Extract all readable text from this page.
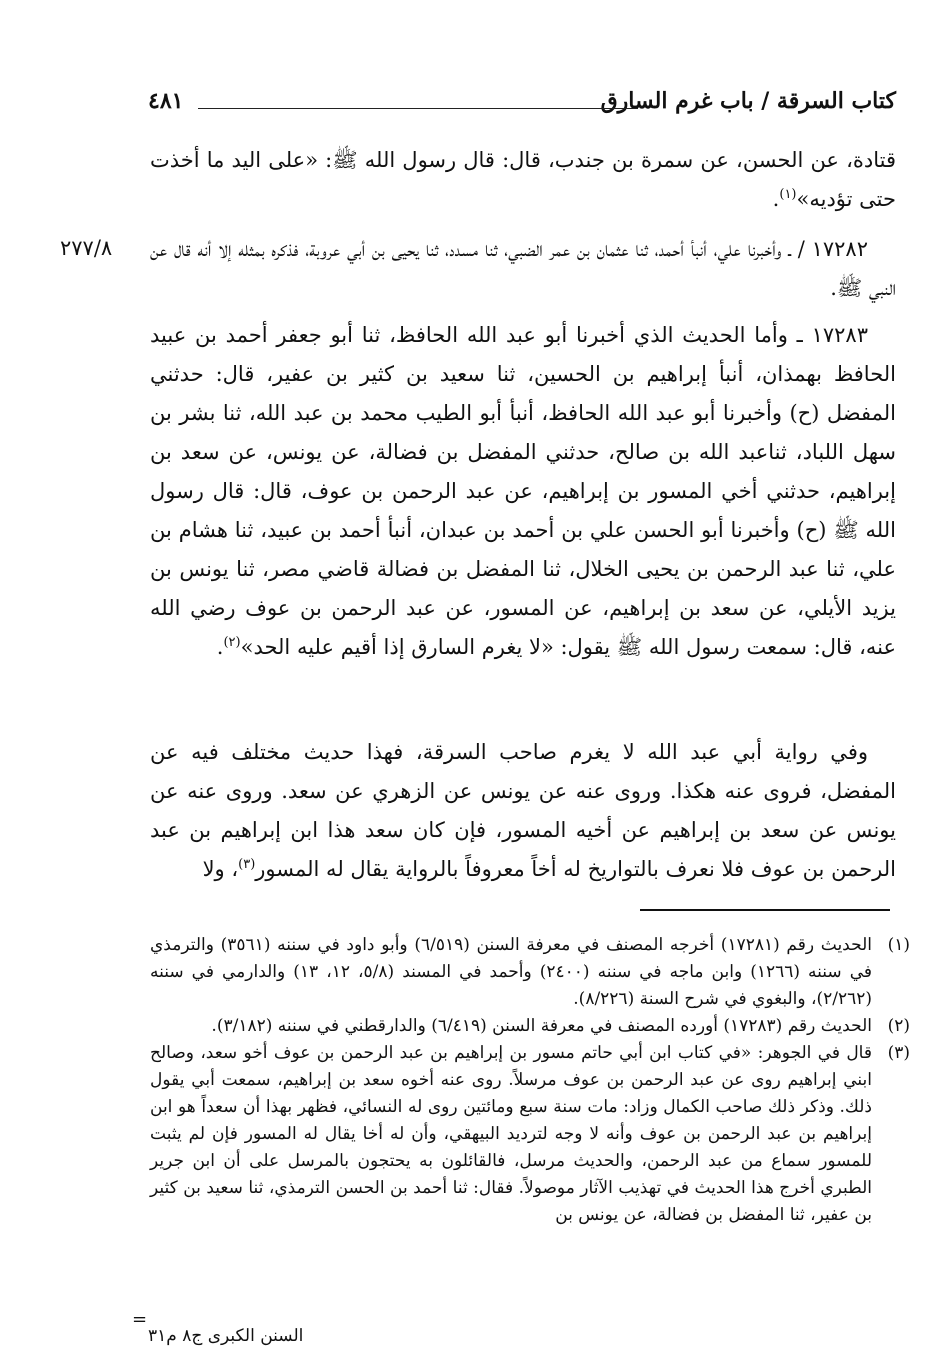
كتاب السرقة / باب غرم السارق
٤٨١

قتادة، عن الحسن، عن سمرة بن جندب، قال: قال رسول الله ﷺ: «على اليد ما أخذت حتى تؤديه»$^{(١)}$.

١٧٢٨٢ / ـ وأخبرنا علي، أنبأ أحمد، ثنا عثمان بن عمر الضبي، ثنا مسدد، ثنا يحيى بن أبي عروبة، فذكره بمثله إلا أنه قال عن النبي ﷺ.

٢٧٧/٨

١٧٢٨٣ ـ وأما الحديث الذي أخبرنا أبو عبد الله الحافظ، ثنا أبو جعفر أحمد بن عبيد الحافظ بهمذان، أنبأ إبراهيم بن الحسين، ثنا سعيد بن كثير بن عفير، قال: حدثني المفضل (ح) وأخبرنا أبو عبد الله الحافظ، أنبأ أبو الطيب محمد بن عبد الله، ثنا بشر بن سهل اللباد، ثناعبد الله بن صالح، حدثني المفضل بن فضالة، عن يونس، عن سعد بن إبراهيم، حدثني أخي المسور بن إبراهيم، عن عبد الرحمن بن عوف، قال: قال رسول الله ﷺ (ح) وأخبرنا أبو الحسن علي بن أحمد بن عبدان، أنبأ أحمد بن عبيد، ثنا هشام بن علي، ثنا عبد الرحمن بن يحيى الخلال، ثنا المفضل بن فضالة قاضي مصر، ثنا يونس بن يزيد الأيلي، عن سعد بن إبراهيم، عن المسور، عن عبد الرحمن بن عوف رضي الله عنه، قال: سمعت رسول الله ﷺ يقول: «لا يغرم السارق إذا أقيم عليه الحد»$^{(٢)}$.

وفي رواية أبي عبد الله لا يغرم صاحب السرقة، فهذا حديث مختلف فيه عن المفضل، فروى عنه هكذا. وروى عنه عن يونس عن الزهري عن سعد. وروى عنه عن يونس عن سعد بن إبراهيم عن أخيه المسور، فإن كان سعد هذا ابن إبراهيم بن عبد الرحمن بن عوف فلا نعرف بالتواريخ له أخاً معروفاً بالرواية يقال له المسور$^{(٣)}$، ولا

(١)
الحديث رقم (١٧٢٨١) أخرجه المصنف في معرفة السنن (٦/٥١٩) وأبو داود في سننه (٣٥٦١) والترمذي في سننه (١٢٦٦) وابن ماجه في سننه (٢٤٠٠) وأحمد في المسند (٥/٨، ١٢، ١٣) والدارمي في سننه (٢/٢٦٢)، والبغوي في شرح السنة (٨/٢٢٦).
(٢)
الحديث رقم (١٧٢٨٣) أورده المصنف في معرفة السنن (٦/٤١٩) والدارقطني في سننه (٣/١٨٢).
(٣)
قال في الجوهر: «في كتاب ابن أبي حاتم مسور بن إبراهيم بن عبد الرحمن بن عوف أخو سعد، وصالح ابني إبراهيم روى عن عبد الرحمن بن عوف مرسلاً. روى عنه أخوه سعد بن إبراهيم، سمعت أبي يقول ذلك. وذكر ذلك صاحب الكمال وزاد: مات سنة سبع ومائتين روى له النسائي، فظهر بهذا أن سعداً هو ابن إبراهيم بن عبد الرحمن بن عوف وأنه لا وجه لترديد البيهقي، وأن له أخا يقال له المسور فإن لم يثبت للمسور سماع من عبد الرحمن، والحديث مرسل، فالقائلون به يحتجون بالمرسل على أن ابن جرير الطبري أخرج هذا الحديث في تهذيب الآثار موصولاً. فقال: ثنا أحمد بن الحسن الترمذي، ثنا سعيد بن كثير بن عفير، ثنا المفضل بن فضالة، عن يونس بن
=
السنن الكبرى ج٨ م٣١
